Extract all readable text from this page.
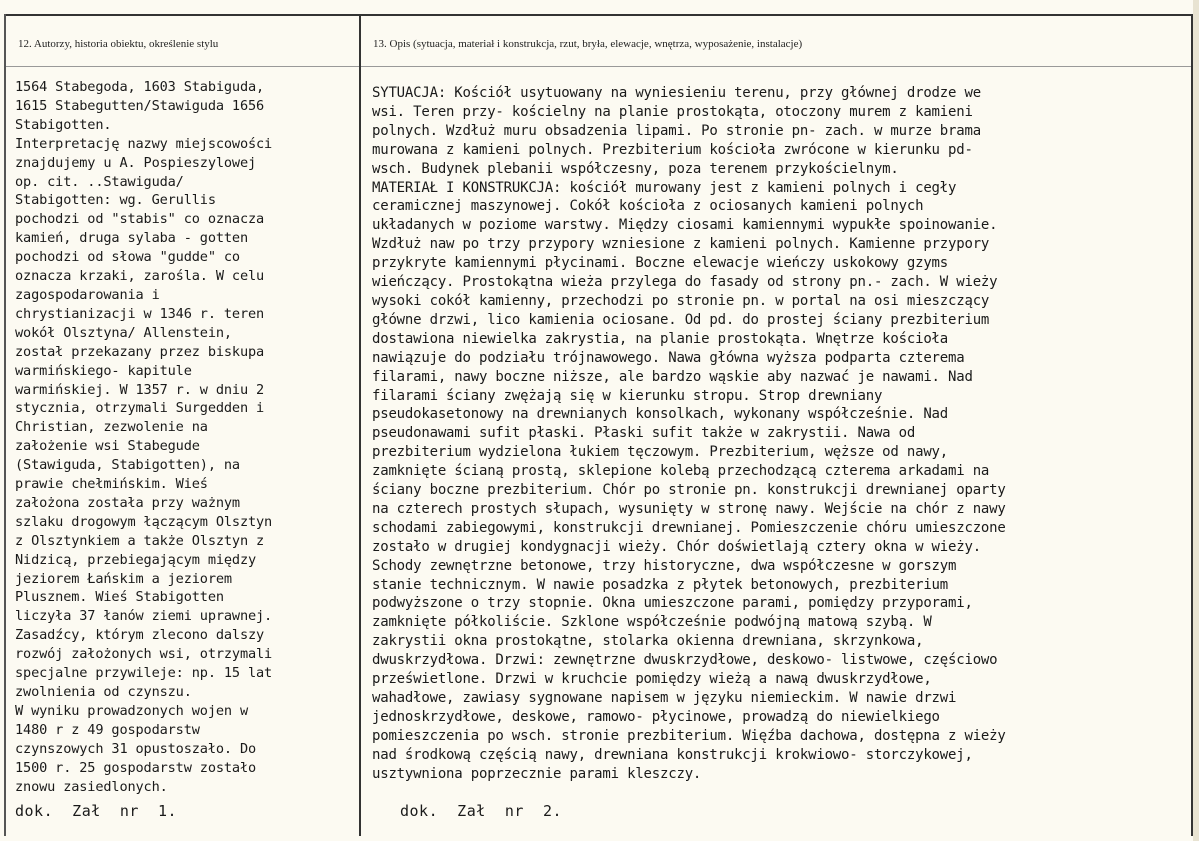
12. Autorzy, historia obiektu, określenie stylu	13. Opis (sytuacja, materiał i konstrukcja, rzut, bryła, elewacje, wnętrza, wyposażenie, instalacje)
1564 Stabegoda, 1603 Stabiguda,
1615 Stabegutten/Stawiguda 1656
Stabigotten.
Interpretację nazwy miejscowości
znajdujemy u A. Pospieszylowej
op. cit. ..Stawiguda/
Stabigotten: wg. Gerullis
pochodzi od "stabis" co oznacza
kamień, druga sylaba - gotten
pochodzi od słowa "gudde" co
oznacza krzaki, zarośla. W celu
zagospodarowania i
chrystianizacji w 1346 r. teren
wokół Olsztyna/ Allenstein,
został przekazany przez biskupa
warmińskiego- kapitule
warmińskiej. W 1357 r. w dniu 2
stycznia, otrzymali Surgedden i
Christian, zezwolenie na
założenie wsi Stabegude
(Stawiguda, Stabigotten), na
prawie chełmińskim. Wieś
założona została przy ważnym
szlaku drogowym łączącym Olsztyn
z Olsztynkiem a także Olsztyn z
Nidzicą, przebiegającym między
jeziorem Łańskim a jeziorem
Plusznem. Wieś Stabigotten
liczyła 37 łanów ziemi uprawnej.
Zasadźcy, którym zlecono dalszy
rozwój założonych wsi, otrzymali
specjalne przywileje: np. 15 lat
zwolnienia od czynszu.
W wyniku prowadzonych wojen w
1480 r z 49 gospodarstw
czynszowych 31 opustoszało. Do
1500 r. 25 gospodarstw zostało
znowu zasiedlonych.
SYTUACJA: Kościół usytuowany na wyniesieniu terenu, przy głównej drodze we
wsi. Teren przy- kościelny na planie prostokąta, otoczony murem z kamieni
polnych. Wzdłuż muru obsadzenia lipami. Po stronie pn- zach. w murze brama
murowana z kamieni polnych. Prezbiterium kościoła zwrócone w kierunku pd-
wsch. Budynek plebanii współczesny, poza terenem przykościelnym.
MATERIAŁ I KONSTRUKCJA: kościół murowany jest z kamieni polnych i cegły
ceramicznej maszynowej. Cokół kościoła z ociosanych kamieni polnych
układanych w poziome warstwy. Między ciosami kamiennymi wypukłe spoinowanie.
Wzdłuż naw po trzy przypory wzniesione z kamieni polnych. Kamienne przypory
przykryte kamiennymi płycinami. Boczne elewacje wieńczy uskokowy gzyms
wieńczący. Prostokątna wieża przylega do fasady od strony pn.- zach. W wieży
wysoki cokół kamienny, przechodzi po stronie pn. w portal na osi mieszczący
główne drzwi, lico kamienia ociosane. Od pd. do prostej ściany prezbiterium
dostawiona niewielka zakrystia, na planie prostokąta. Wnętrze kościoła
nawiązuje do podziału trójnawowego. Nawa główna wyższa podparta czterema
filarami, nawy boczne niższe, ale bardzo wąskie aby nazwać je nawami. Nad
filarami ściany zwężają się w kierunku stropu. Strop drewniany
pseudokasetonowy na drewnianych konsolkach, wykonany współcześnie. Nad
pseudonawami sufit płaski. Płaski sufit także w zakrystii. Nawa od
prezbiterium wydzielona łukiem tęczowym. Prezbiterium, węższe od nawy,
zamknięte ścianą prostą, sklepione kolebą przechodzącą czterema arkadami na
ściany boczne prezbiterium. Chór po stronie pn. konstrukcji drewnianej oparty
na czterech prostych słupach, wysunięty w stronę nawy. Wejście na chór z nawy
schodami zabiegowymi, konstrukcji drewnianej. Pomieszczenie chóru umieszczone
zostało w drugiej kondygnacji wieży. Chór doświetlają cztery okna w wieży.
Schody zewnętrzne betonowe, trzy historyczne, dwa współczesne w gorszym
stanie technicznym. W nawie posadzka z płytek betonowych, prezbiterium
podwyższone o trzy stopnie. Okna umieszczone parami, pomiędzy przyporami,
zamknięte półkoliście. Szklone współcześnie podwójną matową szybą. W
zakrystii okna prostokątne, stolarka okienna drewniana, skrzynkowa,
dwuskrzydłowa. Drzwi: zewnętrzne dwuskrzydłowe, deskowo- listwowe, częściowo
prześwietlone. Drzwi w kruchcie pomiędzy wieżą a nawą dwuskrzydłowe,
wahadłowe, zawiasy sygnowane napisem w języku niemieckim. W nawie drzwi
jednoskrzydłowe, deskowe, ramowo- płycinowe, prowadzą do niewielkiego
pomieszczenia po wsch. stronie prezbiterium. Więźba dachowa, dostępna z wieży
nad środkową częścią nawy, drewniana konstrukcji krokwiowo- storczykowej,
usztywniona poprzecznie parami kleszczy.
dok.  Zał  nr  1.	dok.  Zał  nr  2.
